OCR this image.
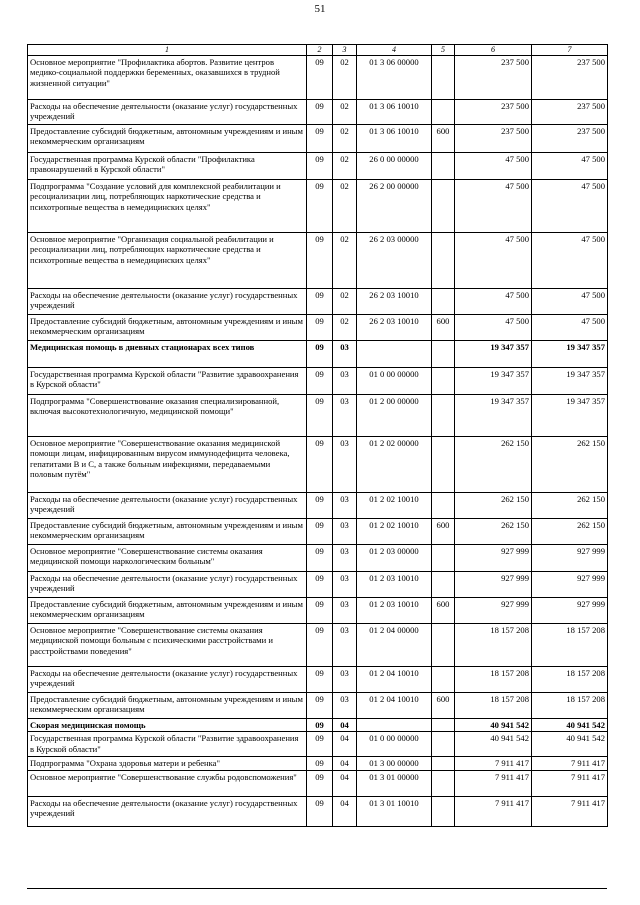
51
1	2	3	4	5	6	7
Основное мероприятие "Профилактика абортов. Развитие центров медико-социальной поддержки беременных, оказавшихся в трудной жизненной ситуации"	09	02	01 3 06 00000		237 500	237 500
Расходы на обеспечение деятельности (оказание услуг) государственных учреждений	09	02	01 3 06 10010		237 500	237 500
Предоставление субсидий бюджетным, автономным учреждениям и иным некоммерческим организациям	09	02	01 3 06 10010	600	237 500	237 500
Государственная программа Курской области "Профилактика правонарушений в Курской области"	09	02	26 0 00 00000		47 500	47 500
Подпрограмма "Создание условий для комплексной реабилитации и ресоциализации лиц, потребляющих наркотические средства и психотропные вещества в немедицинских целях"	09	02	26 2 00 00000		47 500	47 500
Основное мероприятие "Организация социальной реабилитации и ресоциализации лиц, потребляющих наркотические средства и психотропные вещества в немедицинских целях"	09	02	26 2 03 00000		47 500	47 500
Расходы на обеспечение деятельности (оказание услуг) государственных учреждений	09	02	26 2 03 10010		47 500	47 500
Предоставление субсидий бюджетным, автономным учреждениям и иным некоммерческим организациям	09	02	26 2 03 10010	600	47 500	47 500
Медицинская помощь в дневных стационарах всех типов	09	03			19 347 357	19 347 357
Государственная программа Курской области "Развитие здравоохранения в Курской области"	09	03	01 0 00 00000		19 347 357	19 347 357
Подпрограмма "Совершенствование оказания специализированной, включая высокотехнологичную, медицинской помощи"	09	03	01 2 00 00000		19 347 357	19 347 357
Основное мероприятие "Совершенствование оказания медицинской помощи лицам, инфицированным вирусом иммунодефицита человека, гепатитами B и C, а также больным инфекциями, передаваемыми половым путём"	09	03	01 2 02 00000		262 150	262 150
Расходы на обеспечение деятельности (оказание услуг) государственных учреждений	09	03	01 2 02 10010		262 150	262 150
Предоставление субсидий бюджетным, автономным учреждениям и иным некоммерческим организациям	09	03	01 2 02 10010	600	262 150	262 150
Основное мероприятие "Совершенствование системы оказания медицинской помощи наркологическим больным"	09	03	01 2 03 00000		927 999	927 999
Расходы на обеспечение деятельности (оказание услуг) государственных учреждений	09	03	01 2 03 10010		927 999	927 999
Предоставление субсидий бюджетным, автономным учреждениям и иным некоммерческим организациям	09	03	01 2 03 10010	600	927 999	927 999
Основное мероприятие "Совершенствование системы оказания медицинской помощи больным с психическими расстройствами и расстройствами поведения"	09	03	01 2 04 00000		18 157 208	18 157 208
Расходы на обеспечение деятельности (оказание услуг) государственных учреждений	09	03	01 2 04 10010		18 157 208	18 157 208
Предоставление субсидий бюджетным, автономным учреждениям и иным некоммерческим организациям	09	03	01 2 04 10010	600	18 157 208	18 157 208
Скорая медицинская помощь	09	04			40 941 542	40 941 542
Государственная программа Курской области "Развитие здравоохранения в Курской области"	09	04	01 0 00 00000		40 941 542	40 941 542
Подпрограмма "Охрана здоровья матери и ребенка"	09	04	01 3 00 00000		7 911 417	7 911 417
Основное мероприятие "Совершенствование службы родовспоможения"	09	04	01 3 01 00000		7 911 417	7 911 417
Расходы на обеспечение деятельности (оказание услуг) государственных учреждений	09	04	01 3 01 10010		7 911 417	7 911 417
